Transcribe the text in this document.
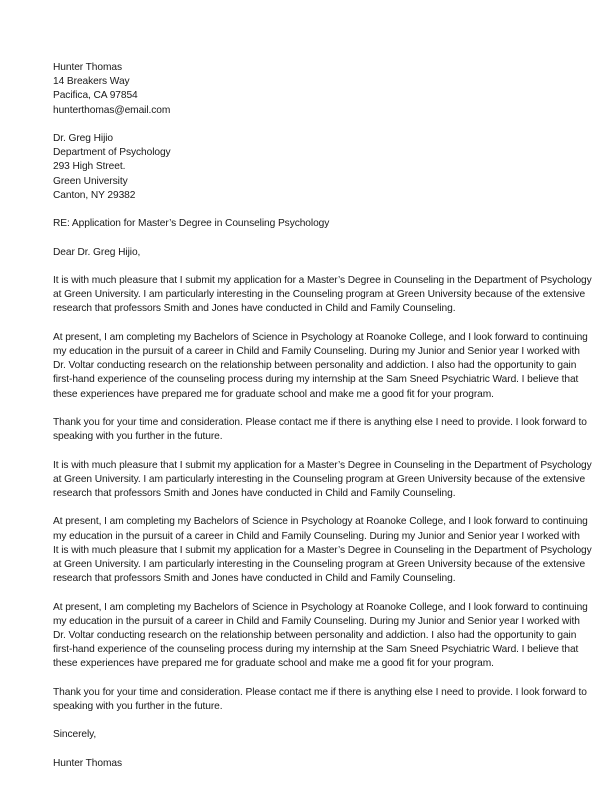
Hunter Thomas
14 Breakers Way
Pacifica, CA 97854
hunterthomas@email.com
Dr. Greg Hijio
Department of Psychology
293 High Street.
Green University
Canton, NY 29382
RE: Application for Master’s Degree in Counseling Psychology
Dear Dr. Greg Hijio,
It is with much pleasure that I submit my application for a Master’s Degree in Counseling in the Department of Psychology
at Green University. I am particularly interesting in the Counseling program at Green University because of the extensive
research that professors Smith and Jones have conducted in Child and Family Counseling.
At present, I am completing my Bachelors of Science in Psychology at Roanoke College, and I look forward to continuing
my education in the pursuit of a career in Child and Family Counseling. During my Junior and Senior year I worked with
Dr. Voltar conducting research on the relationship between personality and addiction. I also had the opportunity to gain
first-hand experience of the counseling process during my internship at the Sam Sneed Psychiatric Ward. I believe that
these experiences have prepared me for graduate school and make me a good fit for your program.
Thank you for your time and consideration. Please contact me if there is anything else I need to provide. I look forward to
speaking with you further in the future.
It is with much pleasure that I submit my application for a Master’s Degree in Counseling in the Department of Psychology
at Green University. I am particularly interesting in the Counseling program at Green University because of the extensive
research that professors Smith and Jones have conducted in Child and Family Counseling.
At present, I am completing my Bachelors of Science in Psychology at Roanoke College, and I look forward to continuing
my education in the pursuit of a career in Child and Family Counseling. During my Junior and Senior year I worked with
It is with much pleasure that I submit my application for a Master’s Degree in Counseling in the Department of Psychology
at Green University. I am particularly interesting in the Counseling program at Green University because of the extensive
research that professors Smith and Jones have conducted in Child and Family Counseling.
At present, I am completing my Bachelors of Science in Psychology at Roanoke College, and I look forward to continuing
my education in the pursuit of a career in Child and Family Counseling. During my Junior and Senior year I worked with
Dr. Voltar conducting research on the relationship between personality and addiction. I also had the opportunity to gain
first-hand experience of the counseling process during my internship at the Sam Sneed Psychiatric Ward. I believe that
these experiences have prepared me for graduate school and make me a good fit for your program.
Thank you for your time and consideration. Please contact me if there is anything else I need to provide. I look forward to
speaking with you further in the future.
Sincerely,
Hunter Thomas
